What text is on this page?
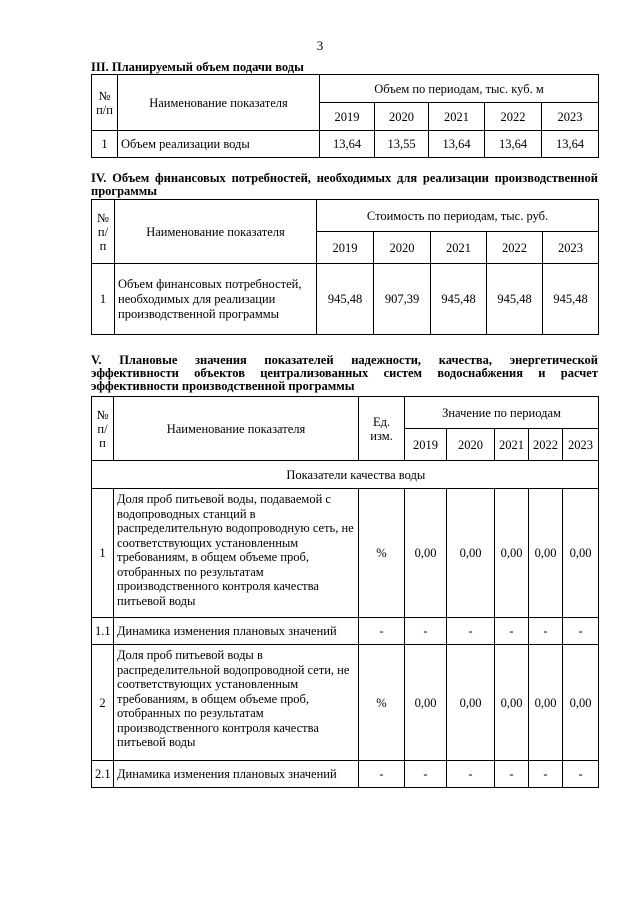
3
III. Планируемый объем подачи воды
№ п/п	Наименование показателя	Объем по периодам, тыс. куб. м				
		2019	2020	2021	2022	2023
1	Объем реализации воды	13,64	13,55	13,64	13,64	13,64
IV. Объем финансовых потребностей, необходимых для реализации производственной программы
№ п/п	Наименование показателя	Стоимость по периодам, тыс. руб.				
		2019	2020	2021	2022	2023
1	Объем финансовых потребностей, необходимых для реализации производственной программы	945,48	907,39	945,48	945,48	945,48
V. Плановые значения показателей надежности, качества, энергетической эффективности объектов централизованных систем водоснабжения и расчет эффективности производственной программы
№ п/п	Наименование показателя	Ед. изм.	Значение по периодам				
			2019	2020	2021	2022	2023
	Показатели качества воды						
1	Доля проб питьевой воды, подаваемой с водопроводных станций в распределительную водопроводную сеть, не соответствующих установленным требованиям, в общем объеме проб, отобранных по результатам производственного контроля качества питьевой воды	%	0,00	0,00	0,00	0,00	0,00
1.1	Динамика изменения плановых значений	-	-	-	-	-	-
2	Доля проб питьевой воды в распределительной водопроводной сети, не соответствующих установленным требованиям, в общем объеме проб, отобранных по результатам производственного контроля качества питьевой воды	%	0,00	0,00	0,00	0,00	0,00
2.1	Динамика изменения плановых значений	-	-	-	-	-	-
